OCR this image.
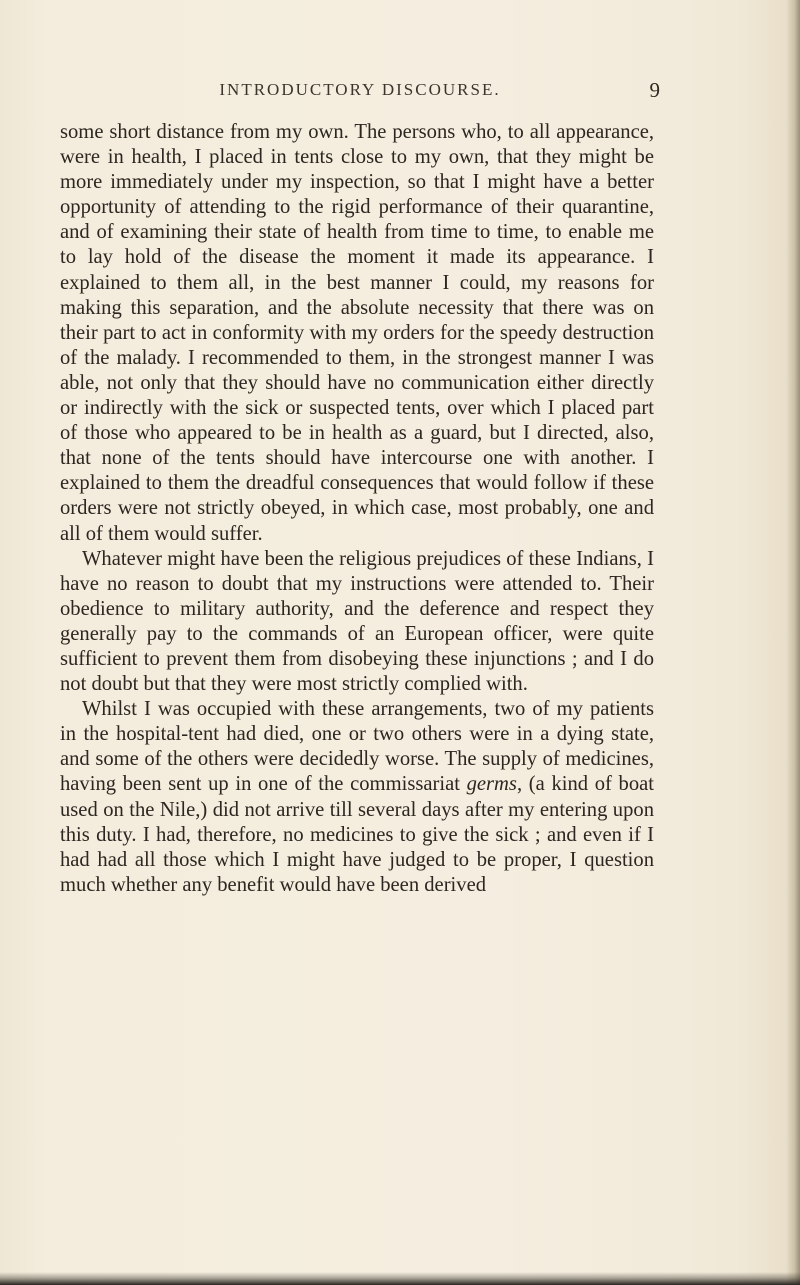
INTRODUCTORY DISCOURSE.	9

some short distance from my own. The persons who, to all appearance, were in health, I placed in tents close to my own, that they might be more immediately under my inspection, so that I might have a better opportunity of attending to the rigid performance of their quarantine, and of examining their state of health from time to time, to enable me to lay hold of the disease the moment it made its appearance. I explained to them all, in the best manner I could, my reasons for making this separation, and the absolute necessity that there was on their part to act in conformity with my orders for the speedy destruction of the malady. I recommended to them, in the strongest manner I was able, not only that they should have no communication either directly or indirectly with the sick or suspected tents, over which I placed part of those who appeared to be in health as a guard, but I directed, also, that none of the tents should have intercourse one with another. I explained to them the dreadful consequences that would follow if these orders were not strictly obeyed, in which case, most probably, one and all of them would suffer.

Whatever might have been the religious prejudices of these Indians, I have no reason to doubt that my instructions were attended to. Their obedience to military authority, and the deference and respect they generally pay to the commands of an European officer, were quite sufficient to prevent them from disobeying these injunctions ; and I do not doubt but that they were most strictly complied with.

Whilst I was occupied with these arrangements, two of my patients in the hospital-tent had died, one or two others were in a dying state, and some of the others were decidedly worse. The supply of medicines, having been sent up in one of the commissariat germs, (a kind of boat used on the Nile,) did not arrive till several days after my entering upon this duty. I had, therefore, no medicines to give the sick ; and even if I had had all those which I might have judged to be proper, I question much whether any benefit would have been derived
